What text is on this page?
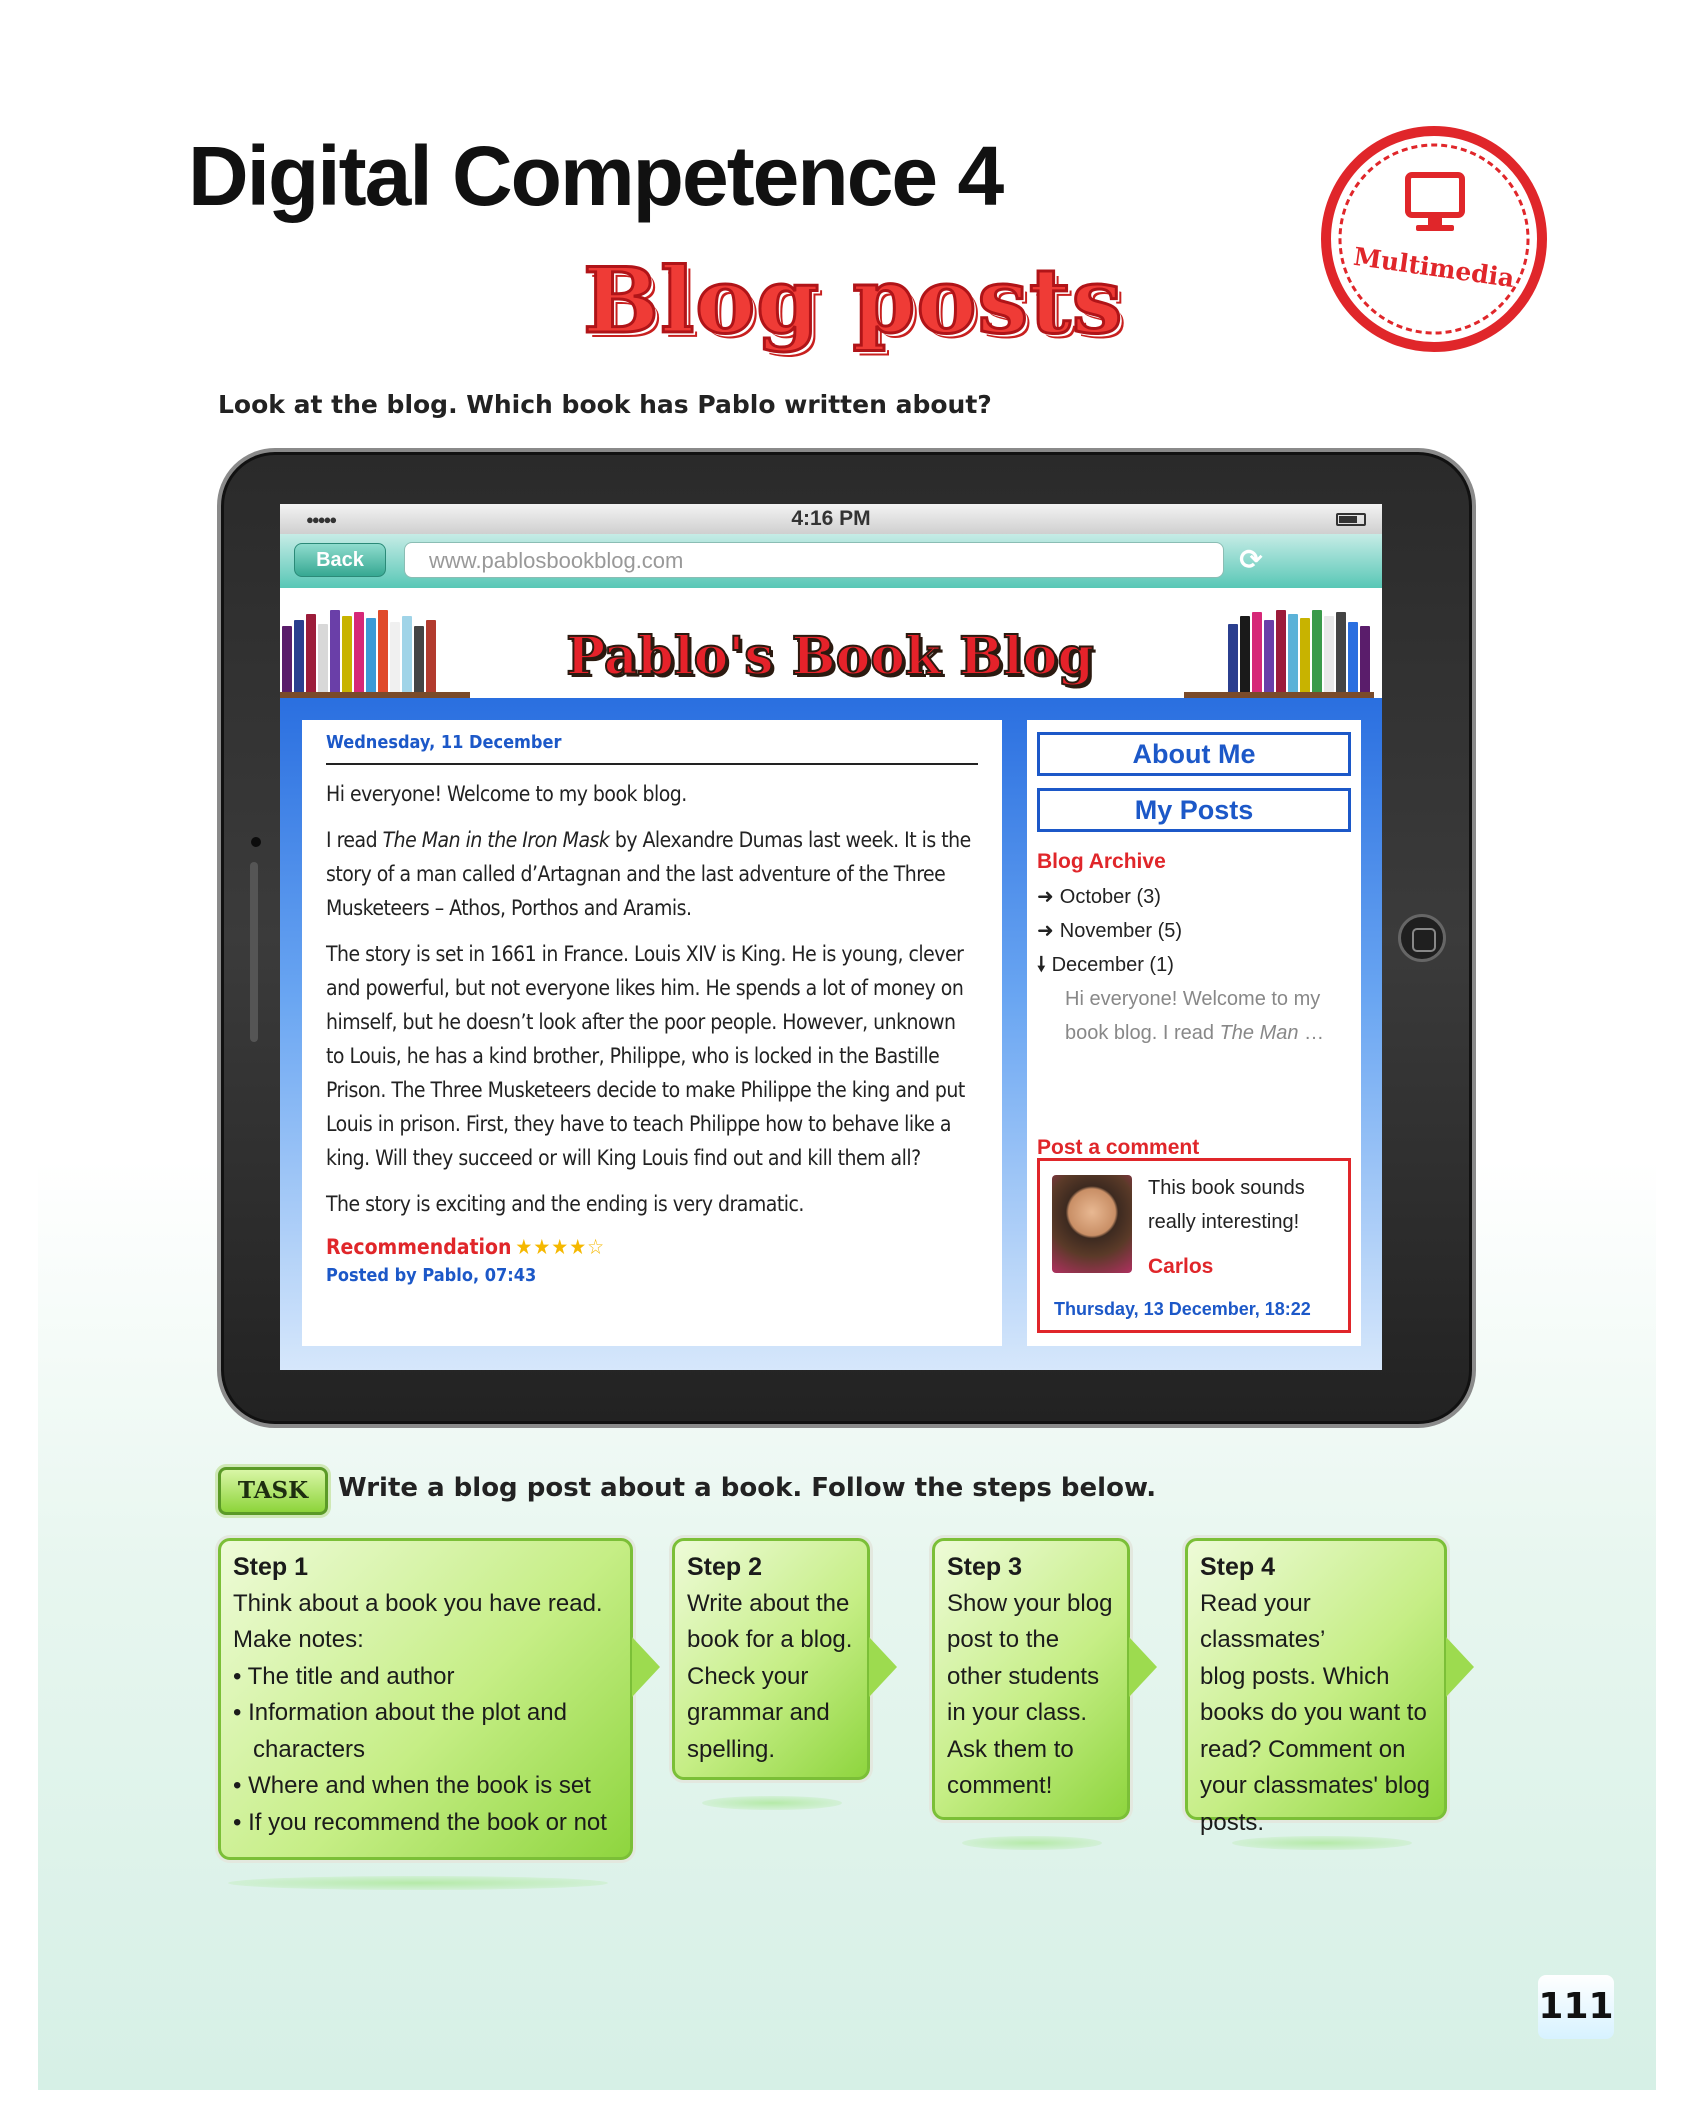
Digital Competence 4
Blog posts	Multimedia
Look at the blog. Which book has Pablo written about?
●●●●●	4:16 PM
Back	www.pablosbookblog.com	⟳
Pablo's Book Blog
Wednesday, 11 December

Hi everyone! Welcome to my book blog.

I read The Man in the Iron Mask by Alexandre Dumas last week. It is the story of a man called d’Artagnan and the last adventure of the Three Musketeers – Athos, Porthos and Aramis.

The story is set in 1661 in France. Louis XIV is King. He is young, clever and powerful, but not everyone likes him. He spends a lot of money on himself, but he doesn’t look after the poor people. However, unknown to Louis, he has a kind brother, Philippe, who is locked in the Bastille Prison. The Three Musketeers decide to make Philippe the king and put Louis in prison. First, they have to teach Philippe how to behave like a king. Will they succeed or will King Louis find out and kill them all?

The story is exciting and the ending is very dramatic.

Recommendation ★★★★☆
Posted by Pablo, 07:43
About Me
My Posts
Blog Archive
➜ October (3)
➜ November (5)
🠗 December (1)
Hi everyone! Welcome to my book blog. I read The Man …
Post a comment
This book sounds really interesting!
Carlos
Thursday, 13 December, 18:22
TASK	Write a blog post about a book. Follow the steps below.
Step 1
Think about a book you have read.
Make notes:
• The title and author
• Information about the plot and
characters
• Where and when the book is set
• If you recommend the book or not
Step 2
Write about the
book for a blog.
Check your
grammar and
spelling.
Step 3
Show your blog
post to the
other students
in your class.
Ask them to
comment!
Step 4
Read your classmates’
blog posts. Which
books do you want to
read? Comment on
your classmates' blog
posts.
111
